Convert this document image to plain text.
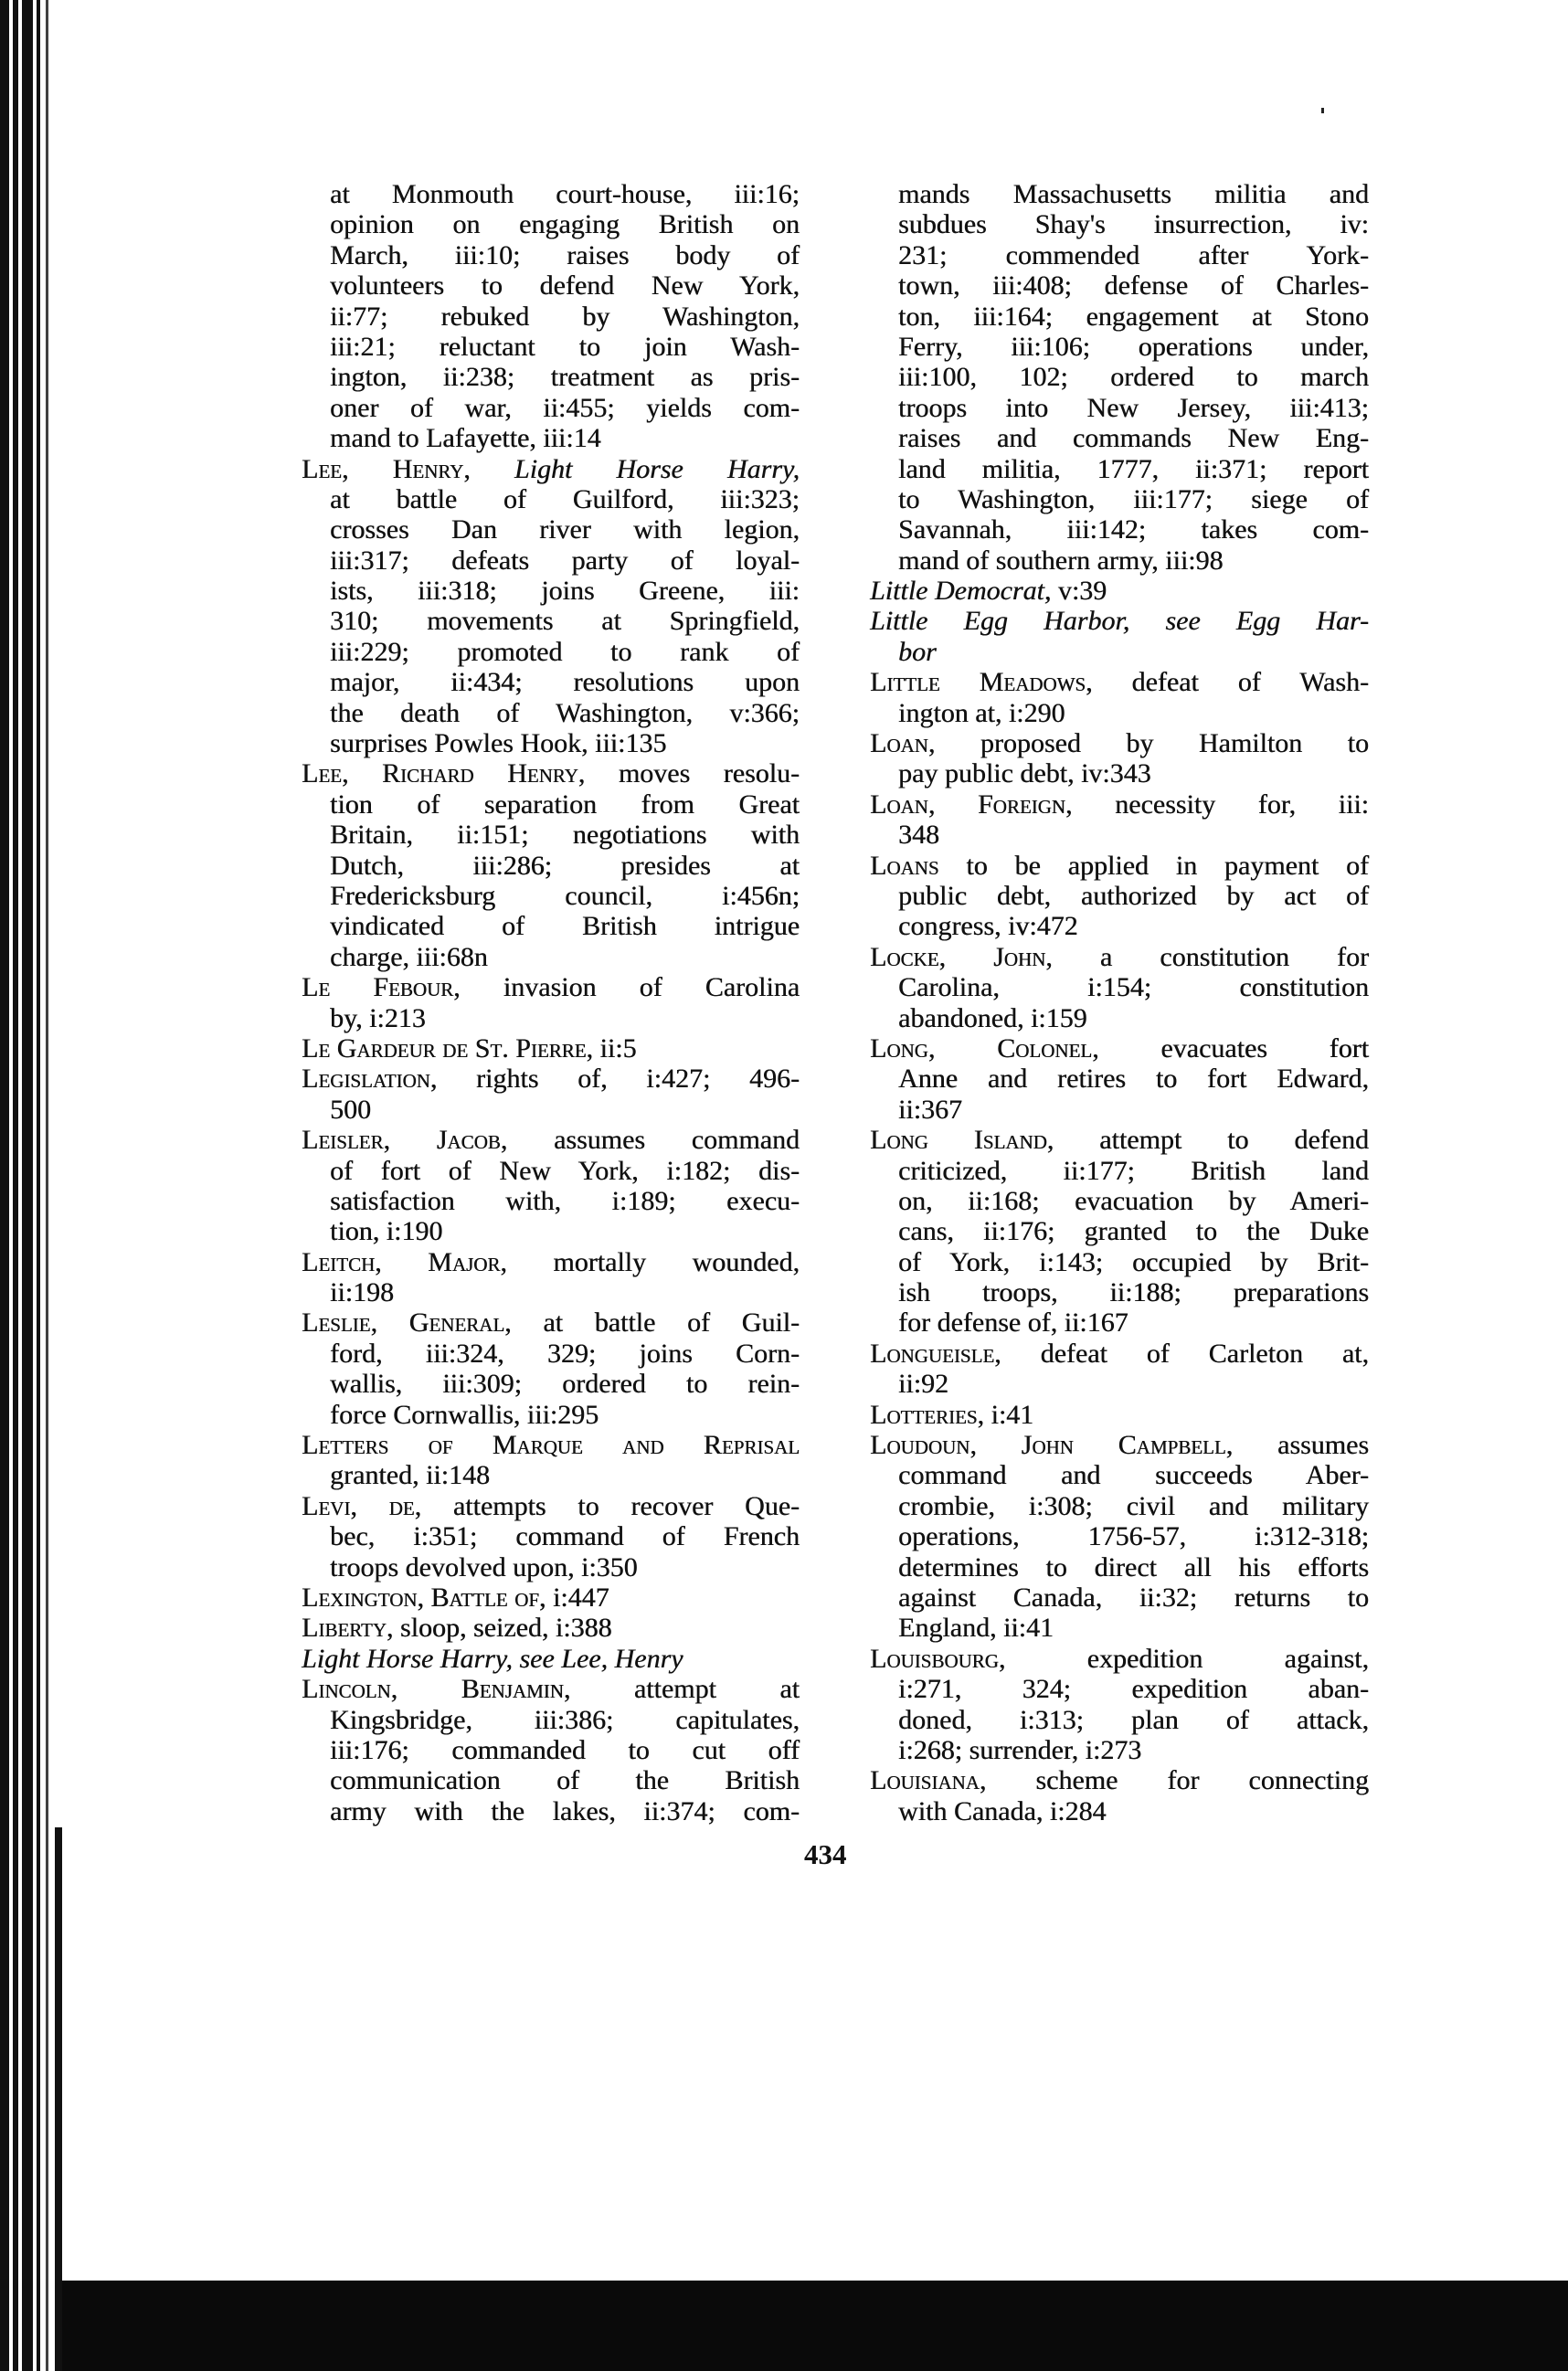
at Monmouth court-house, iii:16;
opinion on engaging British on
March, iii:10; raises body of
volunteers to defend New York,
ii:77; rebuked by Washington,
iii:21; reluctant to join Wash-
ington, ii:238; treatment as pris-
oner of war, ii:455; yields com-
mand to Lafayette, iii:14
Lee, Henry, Light Horse Harry,
at battle of Guilford, iii:323;
crosses Dan river with legion,
iii:317; defeats party of loyal-
ists, iii:318; joins Greene, iii:
310; movements at Springfield,
iii:229; promoted to rank of
major, ii:434; resolutions upon
the death of Washington, v:366;
surprises Powles Hook, iii:135
Lee, Richard Henry, moves resolu-
tion of separation from Great
Britain, ii:151; negotiations with
Dutch, iii:286; presides at
Fredericksburg council, i:456n;
vindicated of British intrigue
charge, iii:68n
Le Febour, invasion of Carolina
by, i:213
Le Gardeur de St. Pierre, ii:5
Legislation, rights of, i:427; 496-
500
Leisler, Jacob, assumes command
of fort of New York, i:182; dis-
satisfaction with, i:189; execu-
tion, i:190
Leitch, Major, mortally wounded,
ii:198
Leslie, General, at battle of Guil-
ford, iii:324, 329; joins Corn-
wallis, iii:309; ordered to rein-
force Cornwallis, iii:295
Letters of Marque and Reprisal
granted, ii:148
Levi, de, attempts to recover Que-
bec, i:351; command of French
troops devolved upon, i:350
Lexington, Battle of, i:447
Liberty, sloop, seized, i:388
Light Horse Harry, see Lee, Henry
Lincoln, Benjamin, attempt at
Kingsbridge, iii:386; capitulates,
iii:176; commanded to cut off
communication of the British
army with the lakes, ii:374; com-
mands Massachusetts militia and
subdues Shay's insurrection, iv:
231; commended after York-
town, iii:408; defense of Charles-
ton, iii:164; engagement at Stono
Ferry, iii:106; operations under,
iii:100, 102; ordered to march
troops into New Jersey, iii:413;
raises and commands New Eng-
land militia, 1777, ii:371; report
to Washington, iii:177; siege of
Savannah, iii:142; takes com-
mand of southern army, iii:98
Little Democrat, v:39
Little Egg Harbor, see Egg Har-
bor
Little Meadows, defeat of Wash-
ington at, i:290
Loan, proposed by Hamilton to
pay public debt, iv:343
Loan, Foreign, necessity for, iii:
348
Loans to be applied in payment of
public debt, authorized by act of
congress, iv:472
Locke, John, a constitution for
Carolina, i:154; constitution
abandoned, i:159
Long, Colonel, evacuates fort
Anne and retires to fort Edward,
ii:367
Long Island, attempt to defend
criticized, ii:177; British land
on, ii:168; evacuation by Ameri-
cans, ii:176; granted to the Duke
of York, i:143; occupied by Brit-
ish troops, ii:188; preparations
for defense of, ii:167
Longueisle, defeat of Carleton at,
ii:92
Lotteries, i:41
Loudoun, John Campbell, assumes
command and succeeds Aber-
crombie, i:308; civil and military
operations, 1756-57, i:312-318;
determines to direct all his efforts
against Canada, ii:32; returns to
England, ii:41
Louisbourg, expedition against,
i:271, 324; expedition aban-
doned, i:313; plan of attack,
i:268; surrender, i:273
Louisiana, scheme for connecting
with Canada, i:284
434
